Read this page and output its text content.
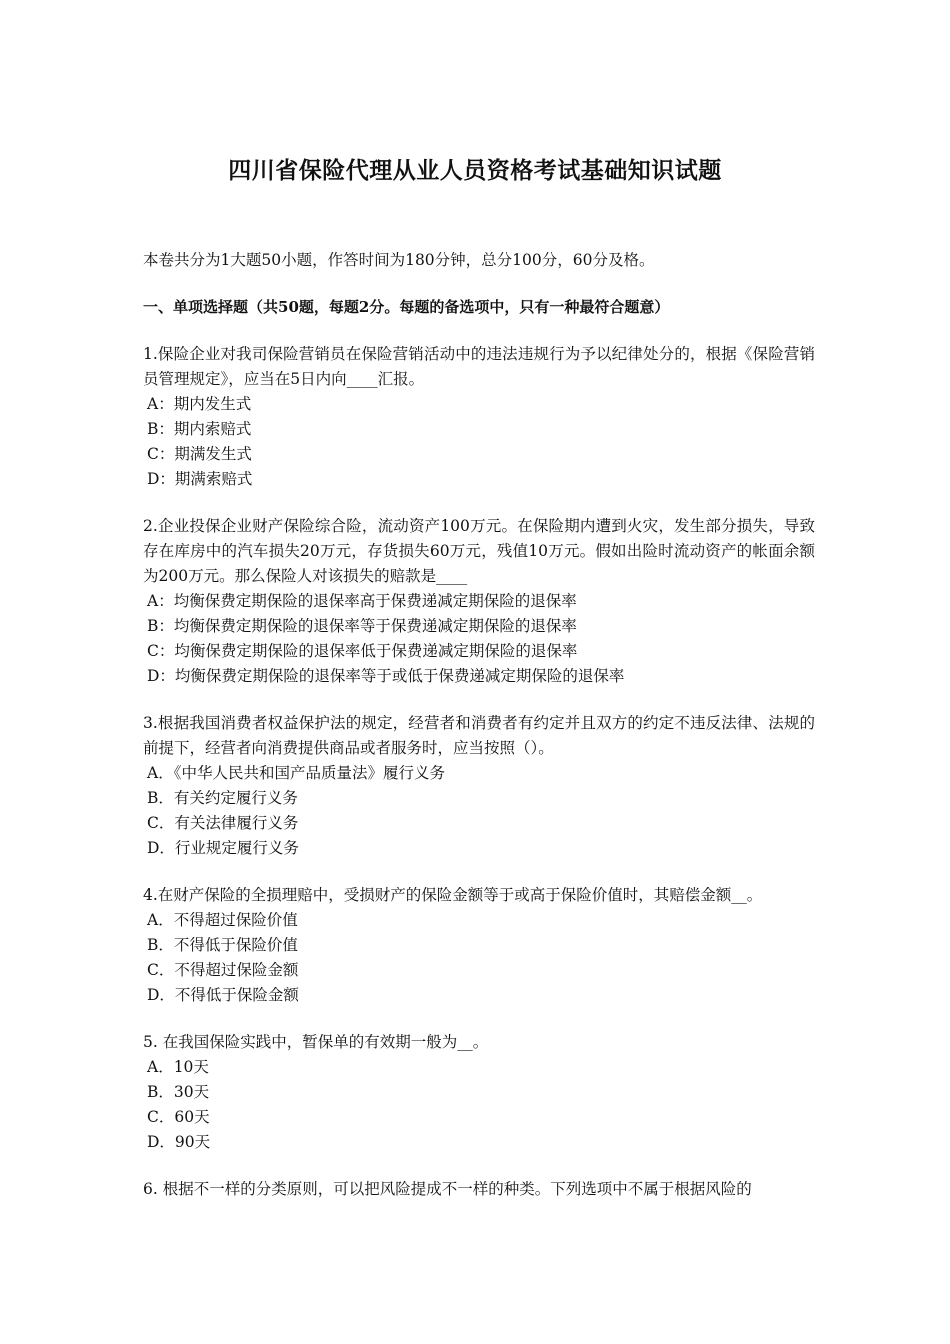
四川省保险代理从业人员资格考试基础知识试题

本卷共分为1大题50小题，作答时间为180分钟，总分100分，60分及格。

一、单项选择题（共50题，每题2分。每题的备选项中，只有一种最符合题意）

1.保险企业对我司保险营销员在保险营销活动中的违法违规行为予以纪律处分的，根据《保险营销员管理规定》，应当在5日内向____汇报。

A：期内发生式
B：期内索赔式
C：期满发生式
D：期满索赔式

2.企业投保企业财产保险综合险，流动资产100万元。在保险期内遭到火灾，发生部分损失，导致存在库房中的汽车损失20万元，存货损失60万元，残值10万元。假如出险时流动资产的帐面余额为200万元。那么保险人对该损失的赔款是____

A：均衡保费定期保险的退保率高于保费递减定期保险的退保率
B：均衡保费定期保险的退保率等于保费递减定期保险的退保率
C：均衡保费定期保险的退保率低于保费递减定期保险的退保率
D：均衡保费定期保险的退保率等于或低于保费递减定期保险的退保率

3.根据我国消费者权益保护法的规定，经营者和消费者有约定并且双方的约定不违反法律、法规的前提下，经营者向消费提供商品或者服务时，应当按照（）。

A．《中华人民共和国产品质量法》履行义务
B．有关约定履行义务
C．有关法律履行义务
D．行业规定履行义务

4.在财产保险的全损理赔中，受损财产的保险金额等于或高于保险价值时，其赔偿金额__。

A．不得超过保险价值
B．不得低于保险价值
C．不得超过保险金额
D．不得低于保险金额

5. 在我国保险实践中，暂保单的有效期一般为__。

A．10天
B．30天
C．60天
D．90天

6. 根据不一样的分类原则，可以把风险提成不一样的种类。下列选项中不属于根据风险的
